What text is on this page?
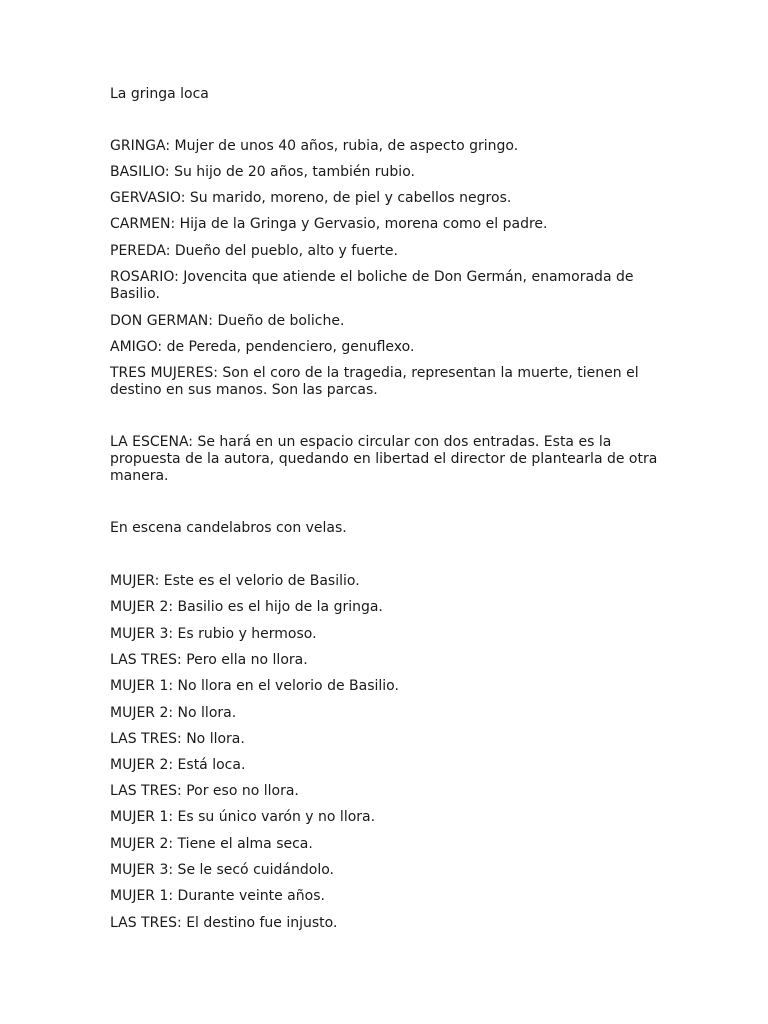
La gringa loca
GRINGA: Mujer de unos 40 años, rubia, de aspecto gringo.
BASILIO: Su hijo de 20 años, también rubio.
GERVASIO: Su marido, moreno, de piel y cabellos negros.
CARMEN: Hija de la Gringa y Gervasio, morena como el padre.
PEREDA: Dueño del pueblo, alto y fuerte.
ROSARIO: Jovencita que atiende el boliche de Don Germán, enamorada de Basilio.
DON GERMAN: Dueño de boliche.
AMIGO: de Pereda, pendenciero, genuflexo.
TRES MUJERES: Son el coro de la tragedia, representan la muerte, tienen el destino en sus manos. Son las parcas.
LA ESCENA: Se hará en un espacio circular con dos entradas. Esta es la propuesta de la autora, quedando en libertad el director de plantearla de otra manera.
En escena candelabros con velas.
MUJER: Este es el velorio de Basilio.
MUJER 2: Basilio es el hijo de la gringa.
MUJER 3: Es rubio y hermoso.
LAS TRES: Pero ella no llora.
MUJER 1: No llora en el velorio de Basilio.
MUJER 2: No llora.
LAS TRES: No llora.
MUJER 2: Está loca.
LAS TRES: Por eso no llora.
MUJER 1: Es su único varón y no llora.
MUJER 2: Tiene el alma seca.
MUJER 3: Se le secó cuidándolo.
MUJER 1: Durante veinte años.
LAS TRES: El destino fue injusto.
